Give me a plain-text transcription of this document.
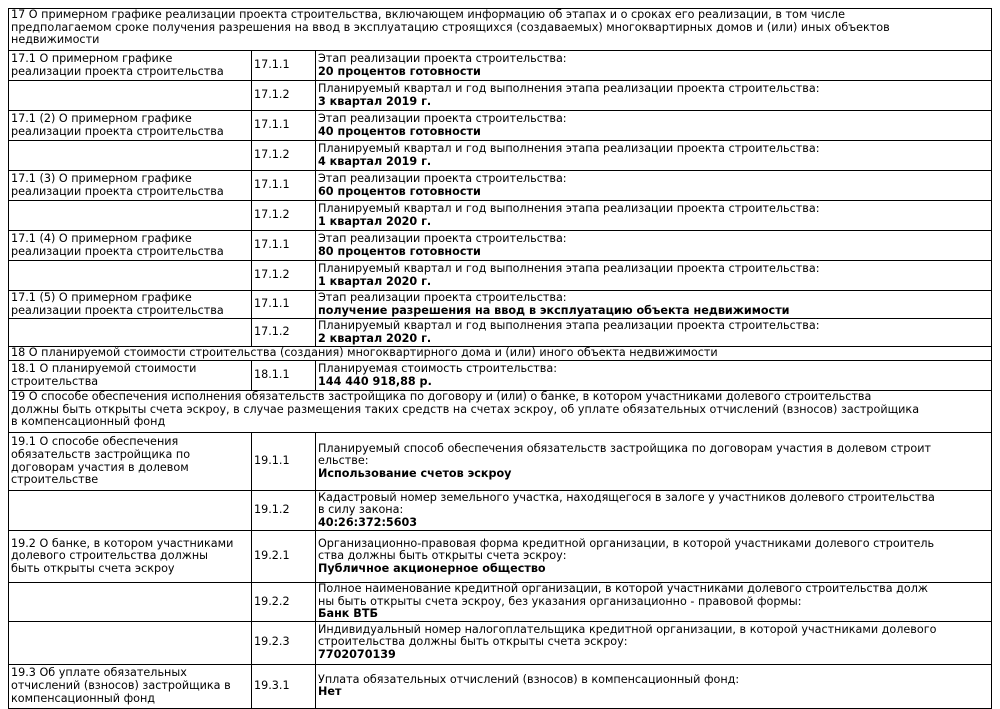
17 О примерном графике реализации проекта строительства, включающем информацию об этапах и о сроках его реализации, в том числе
предполагаемом сроке получения разрешения на ввод в эксплуатацию строящихся (создаваемых) многоквартирных домов и (или) иных объектов
недвижимости		
17.1 О примерном графике
реализации проекта строительства	17.1.1	Этап реализации проекта строительства:
20 процентов готовности

	17.1.2	Планируемый квартал и год выполнения этапа реализации проекта строительства:
3 квартал 2019 г.

17.1 (2) О примерном графике
реализации проекта строительства	17.1.1	Этап реализации проекта строительства:
40 процентов готовности

	17.1.2	Планируемый квартал и год выполнения этапа реализации проекта строительства:
4 квартал 2019 г.

17.1 (3) О примерном графике
реализации проекта строительства	17.1.1	Этап реализации проекта строительства:
60 процентов готовности

	17.1.2	Планируемый квартал и год выполнения этапа реализации проекта строительства:
1 квартал 2020 г.

17.1 (4) О примерном графике
реализации проекта строительства	17.1.1	Этап реализации проекта строительства:
80 процентов готовности

	17.1.2	Планируемый квартал и год выполнения этапа реализации проекта строительства:
1 квартал 2020 г.

17.1 (5) О примерном графике
реализации проекта строительства	17.1.1	Этап реализации проекта строительства:
получение разрешения на ввод в эксплуатацию объекта недвижимости

	17.1.2	Планируемый квартал и год выполнения этапа реализации проекта строительства:
2 квартал 2020 г.

18 О планируемой стоимости строительства (создания) многоквартирного дома и (или) иного объекта недвижимости		
18.1 О планируемой стоимости
строительства	18.1.1	Планируемая стоимость строительства:
144 440 918,88 р.

19 О способе обеспечения исполнения обязательств застройщика по договору и (или) о банке, в котором участниками долевого строительства
должны быть открыты счета эскроу, в случае размещения таких средств на счетах эскроу, об уплате обязательных отчислений (взносов) застройщика
в компенсационный фонд		
19.1 О способе обеспечения
обязательств застройщика по
договорам участия в долевом
строительстве	19.1.1	Планируемый способ обеспечения обязательств застройщика по договорам участия в долевом строит
ельстве:
Использование счетов эскроу

	19.1.2	Кадастровый номер земельного участка, находящегося в залоге у участников долевого строительства
в силу закона:
40:26:372:5603

19.2 О банке, в котором участниками
долевого строительства должны
быть открыты счета эскроу	19.2.1	Организационно-правовая форма кредитной организации, в которой участниками долевого строитель
ства должны быть открыты счета эскроу:
Публичное акционерное общество

	19.2.2	Полное наименование кредитной организации, в которой участниками долевого строительства долж
ны быть открыты счета эскроу, без указания организационно - правовой формы:
Банк ВТБ

	19.2.3	Индивидуальный номер налогоплательщика кредитной организации, в которой участниками долевого
строительства должны быть открыты счета эскроу:
7702070139

19.3 Об уплате обязательных
отчислений (взносов) застройщика в
компенсационный фонд	19.3.1	Уплата обязательных отчислений (взносов) в компенсационный фонд:
Нет
